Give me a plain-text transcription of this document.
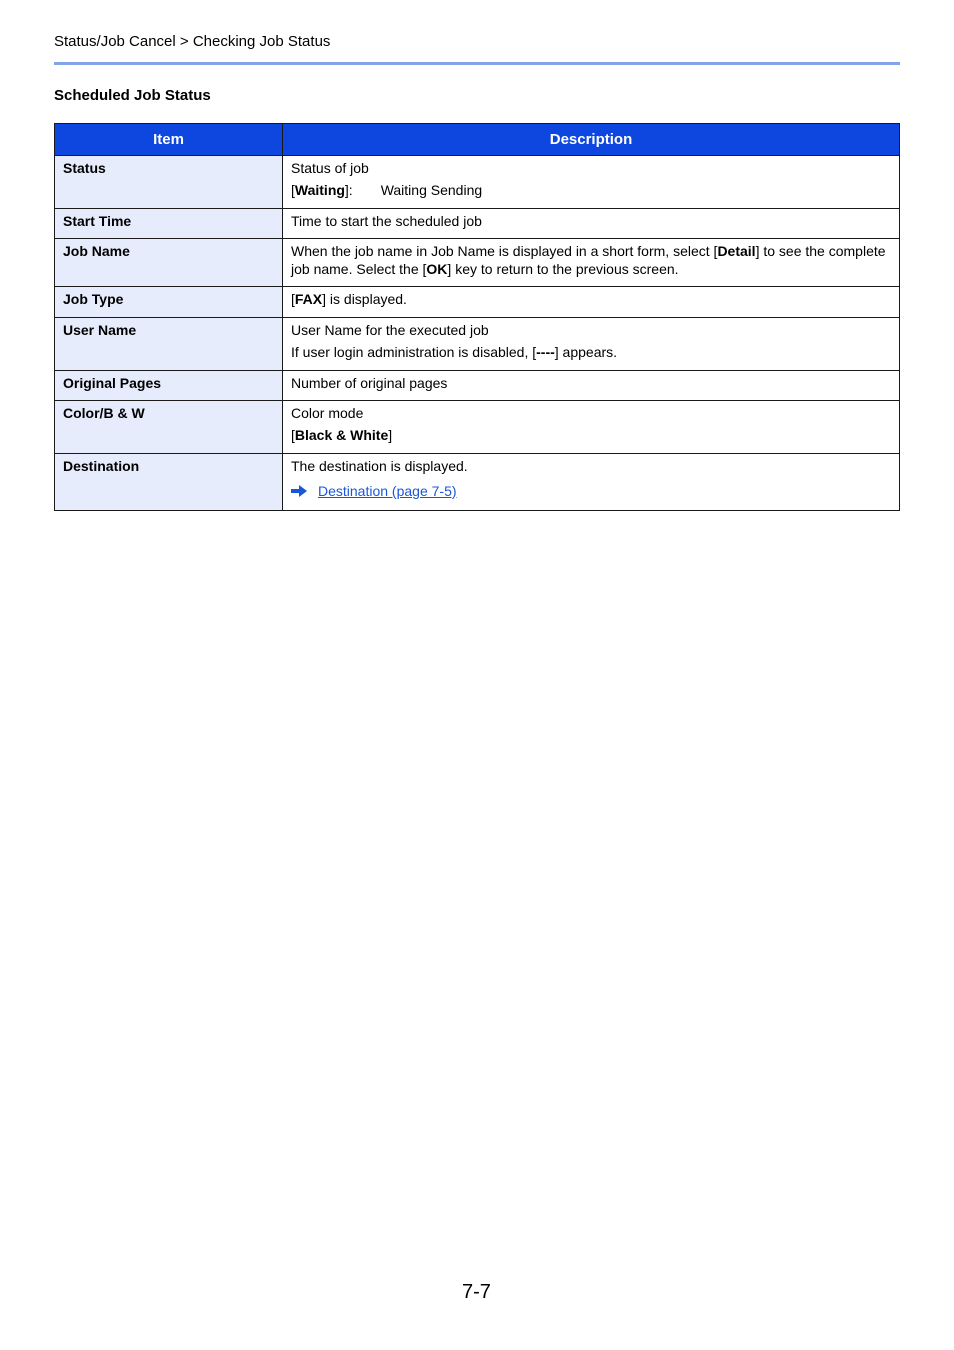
Status/Job Cancel > Checking Job Status
Scheduled Job Status
Item	Description
Status	Status of job

[Waiting]: Waiting Sending

Start Time	Time to start the scheduled job

Job Name	When the job name in Job Name is displayed in a short form, select [Detail] to see the complete job name. Select the [OK] key to return to the previous screen.

Job Type	[FAX] is displayed.

User Name	User Name for the executed job

If user login administration is disabled, [----] appears.

Original Pages	Number of original pages

Color/B & W	Color mode

[Black & White]

Destination	The destination is displayed.

Destination (page 7-5)
7-7
